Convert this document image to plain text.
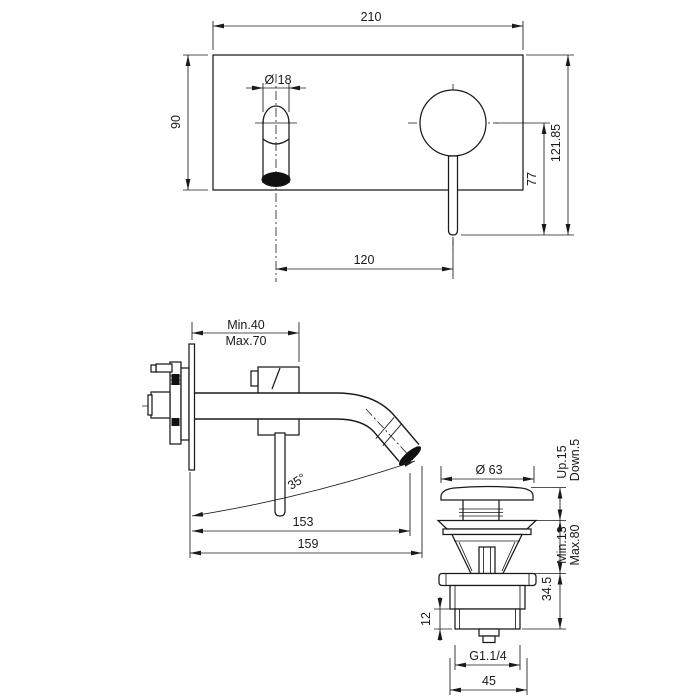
210
90
Ø 18
77
121.85
120
Min.40
Max.70
35°
153
159
Ø 63	Up.15 Down.5
Min.13 Max.80
34.5
12
G1.1/4
45
